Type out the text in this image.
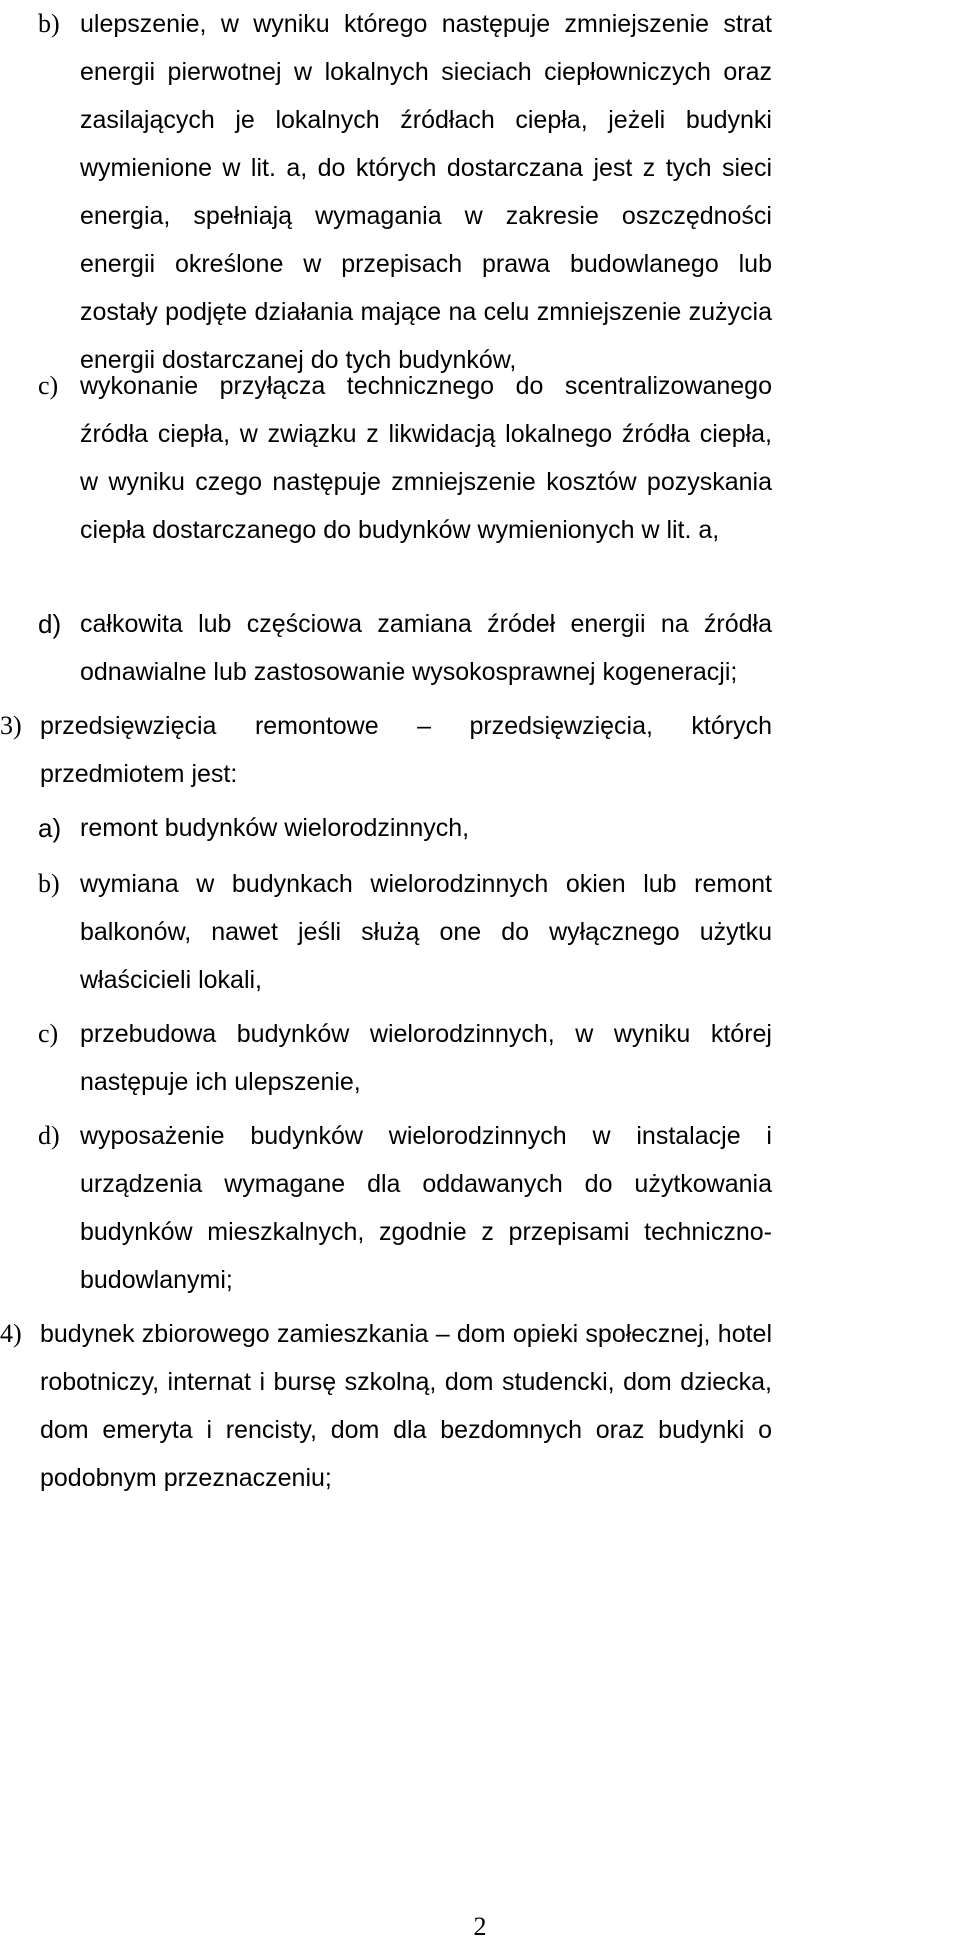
b) ulepszenie, w wyniku którego następuje zmniejszenie strat energii pierwotnej w lokalnych sieciach ciepłowniczych oraz zasilających je lokalnych źródłach ciepła, jeżeli budynki wymienione w lit. a, do których dostarczana jest z tych sieci energia, spełniają wymagania w zakresie oszczędności energii określone w przepisach prawa budowlanego lub zostały podjęte działania mające na celu zmniejszenie zużycia energii dostarczanej do tych budynków,
c) wykonanie przyłącza technicznego do scentralizowanego źródła ciepła, w związku z likwidacją lokalnego źródła ciepła, w wyniku czego następuje zmniejszenie kosztów pozyskania ciepła dostarczanego do budynków wymienionych w lit. a,
d) całkowita lub częściowa zamiana źródeł energii na źródła odnawialne lub zastosowanie wysokosprawnej kogeneracji;
3) przedsięwzięcia remontowe – przedsięwzięcia, których przedmiotem jest:
a) remont budynków wielorodzinnych,
b) wymiana w budynkach wielorodzinnych okien lub remont balkonów, nawet jeśli służą one do wyłącznego użytku właścicieli lokali,
c) przebudowa budynków wielorodzinnych, w wyniku której następuje ich ulepszenie,
d) wyposażenie budynków wielorodzinnych w instalacje i urządzenia wymagane dla oddawanych do użytkowania budynków mieszkalnych, zgodnie z przepisami techniczno-budowlanymi;
4) budynek zbiorowego zamieszkania – dom opieki społecznej, hotel robotniczy, internat i bursę szkolną, dom studencki, dom dziecka, dom emeryta i rencisty, dom dla bezdomnych oraz budynki o podobnym przeznaczeniu;
2
